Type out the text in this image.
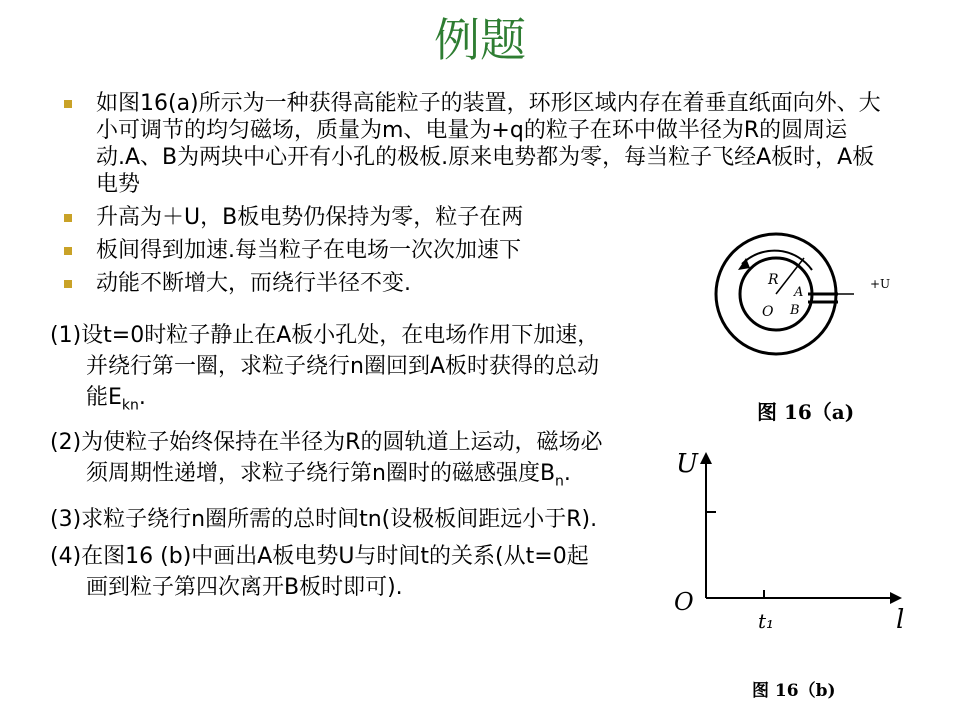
例题
如图16(a)所示为一种获得高能粒子的装置，环形区域内存在着垂直纸面向外、大小可调节的均匀磁场，质量为m、电量为+q的粒子在环中做半径为R的圆周运动.A、B为两块中心开有小孔的极板.原来电势都为零，每当粒子飞经A板时，A板电势
升高为＋U，B板电势仍保持为零，粒子在两
板间得到加速.每当粒子在电场一次次加速下
动能不断增大，而绕行半径不变.
(1)设t=0时粒子静止在A板小孔处，在电场作用下加速，并绕行第一圈，求粒子绕行n圈回到A板时获得的总动能$E_{kn}$.
(2)为使粒子始终保持在半径为R的圆轨道上运动，磁场必须周期性递增，求粒子绕行第n圈时的磁感强度$B_n$.
(3)求粒子绕行n圈所需的总时间tn(设极板间距远小于R).
(4)在图16 (b)中画出A板电势U与时间t的关系(从t=0起画到粒子第四次离开B板时即可).
R
O
A
B
+U
图 16（a)
U
O
t₁	l
图 16（b)
